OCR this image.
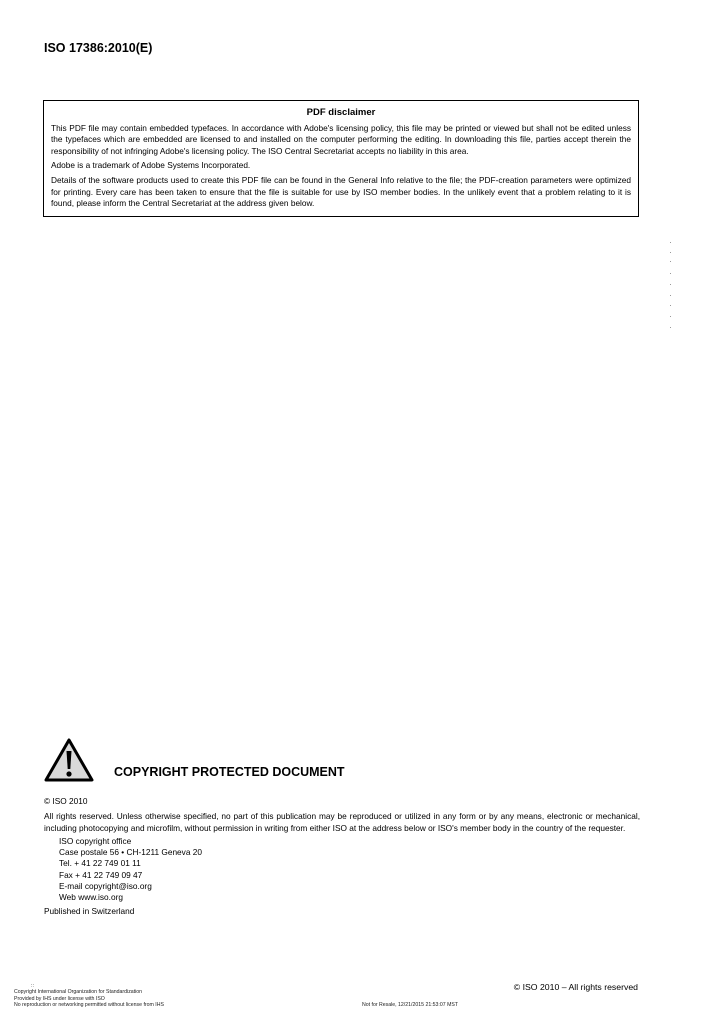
ISO 17386:2010(E)
PDF disclaimer

This PDF file may contain embedded typefaces. In accordance with Adobe's licensing policy, this file may be printed or viewed but shall not be edited unless the typefaces which are embedded are licensed to and installed on the computer performing the editing. In downloading this file, parties accept therein the responsibility of not infringing Adobe's licensing policy. The ISO Central Secretariat accepts no liability in this area.

Adobe is a trademark of Adobe Systems Incorporated.

Details of the software products used to create this PDF file can be found in the General Info relative to the file; the PDF-creation parameters were optimized for printing. Every care has been taken to ensure that the file is suitable for use by ISO member bodies. In the unlikely event that a problem relating to it is found, please inform the Central Secretariat at the address given below.

COPYRIGHT PROTECTED DOCUMENT

© ISO 2010

All rights reserved. Unless otherwise specified, no part of this publication may be reproduced or utilized in any form or by any means, electronic or mechanical, including photocopying and microfilm, without permission in writing from either ISO at the address below or ISO's member body in the country of the requester.

ISO copyright office
Case postale 56 • CH-1211 Geneva 20
Tel. + 41 22 749 01 11
Fax + 41 22 749 09 47
E-mail copyright@iso.org
Web www.iso.org

Published in Switzerland

© ISO 2010 – All rights reserved
::
Copyright International Organization for Standardization
Provided by IHS under license with ISO
No reproduction or networking permitted without license from IHS	Not for Resale, 12/21/2015 21:53:07 MST
